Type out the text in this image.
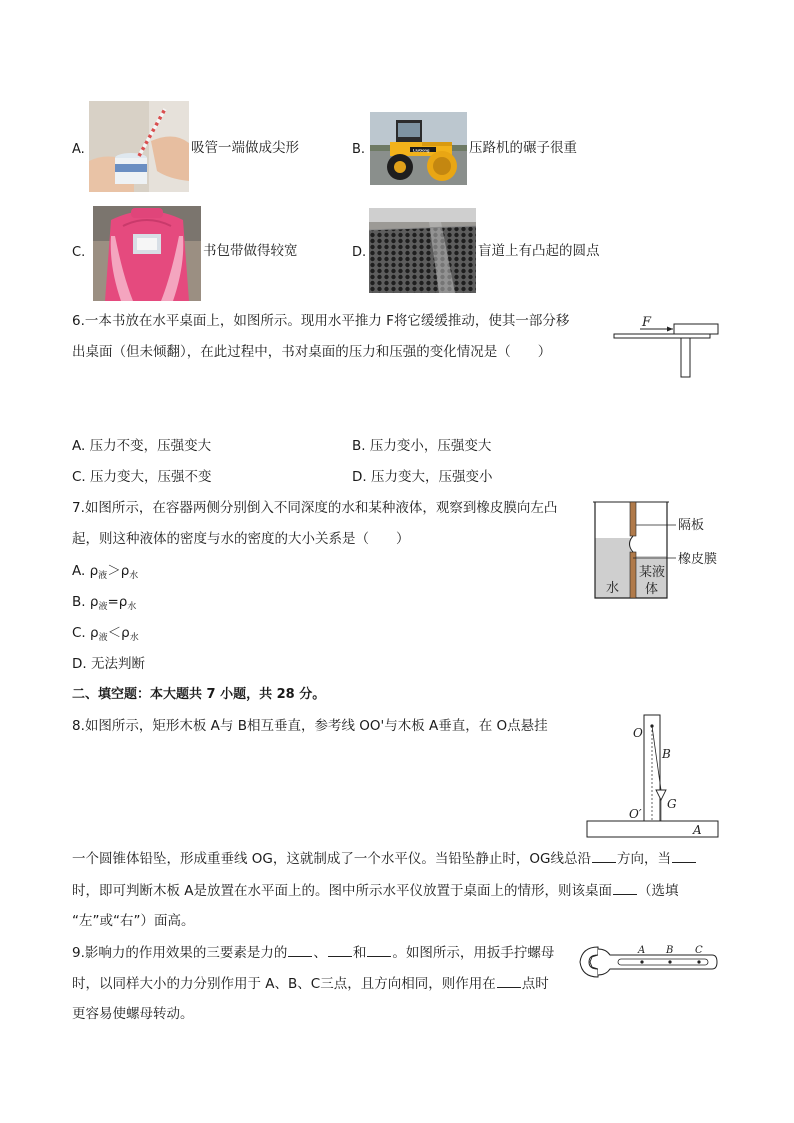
A.	吸管一端做成尖形	B.	LiuGong	压路机的碾子很重
C.	书包带做得较宽	D.	盲道上有凸起的圆点
6.一本书放在水平桌面上，如图所示。现用水平推力 F将它缓缓推动，使其一部分移
出桌面（但未倾翻），在此过程中，书对桌面的压力和压强的变化情况是（　　）
F
A. 压力不变，压强变大	B. 压力变小，压强变大
C. 压力变大，压强不变	D. 压力变大，压强变小
7.如图所示，在容器两侧分别倒入不同深度的水和某种液体，观察到橡皮膜向左凸
起，则这种液体的密度与水的密度的大小关系是（　　）
A. $\rho_液>\rho_水$
B. $\rho_液=\rho_水$
C. $\rho_液<\rho_水$
D. 无法判断
隔板
橡皮膜
水
某液
体
二、填空题：本大题共 7 小题，共 28 分。
8.如图所示，矩形木板 A与 B相互垂直，参考线 OO'与木板 A垂直，在 O点悬挂	O
B
G
O′
A
一个圆锥体铅坠，形成重垂线 OG，这就制成了一个水平仪。当铅坠静止时，OG线总沿 方向，当
时，即可判断木板 A是放置在水平面上的。图中所示水平仪放置于桌面上的情形，则该桌面 （选填
“左”或“右”）面高。
9.影响力的作用效果的三要素是力的 、 和 。如图所示，用扳手拧螺母
时，以同样大小的力分别作用于 A、B、C三点，且方向相同，则作用在 点时
更容易使螺母转动。
A B C
